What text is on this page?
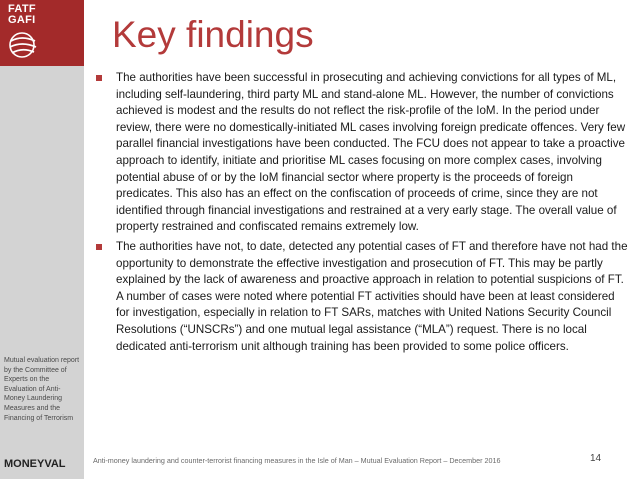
FATF
GAFI
Mutual evaluation report by the Committee of Experts on the Evaluation of Anti-Money Laundering Measures and the Financing of Terrorism
MONEYVAL
Key findings
The authorities have been successful in prosecuting and achieving convictions for all types of ML, including self-laundering, third party ML and stand-alone ML. However, the number of convictions achieved is modest and the results do not reflect the risk-profile of the IoM. In the period under review, there were no domestically-initiated ML cases involving foreign predicate offences. Very few parallel financial investigations have been conducted. The FCU does not appear to take a proactive approach to identify, initiate and prioritise ML cases focusing on more complex cases, involving potential abuse of or by the IoM financial sector where property is the proceeds of foreign predicates. This also has an effect on the confiscation of proceeds of crime, since they are not identified through financial investigations and restrained at a very early stage. The overall value of property restrained and confiscated remains extremely low.
The authorities have not, to date, detected any potential cases of FT and therefore have not had the opportunity to demonstrate the effective investigation and prosecution of FT. This may be partly explained by the lack of awareness and proactive approach in relation to potential suspicions of FT. A number of cases were noted where potential FT activities should have been at least considered for investigation, especially in relation to FT SARs, matches with United Nations Security Council Resolutions (“UNSCRs”) and one mutual legal assistance (“MLA”) request. There is no local dedicated anti-terrorism unit although training has been provided to some police officers.
Anti-money laundering and counter-terrorist financing measures in the Isle of Man – Mutual Evaluation Report – December 2016	14
